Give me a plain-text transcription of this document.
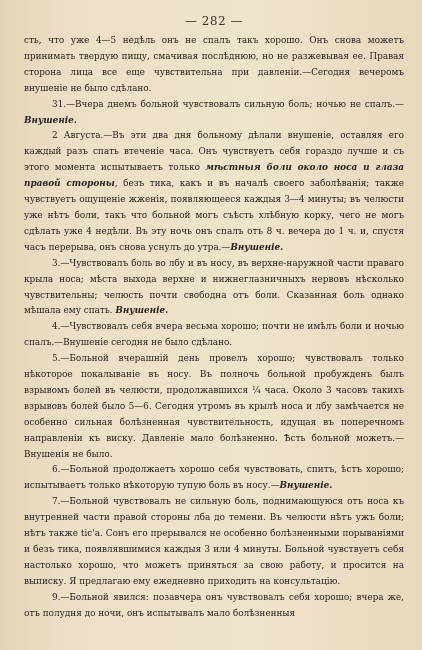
— 282 —

сть, что уже 4—5 недѣль онъ не спалъ такъ хорошо. Онъ снова можетъ принимать твердую пищу, смачивая послѣднюю, но не разжевывая ее. Правая сторона лица все еще чувствительна при давленіи.—Сегодня вечеромъ внушеніе не было сдѣлано.

31.—Вчера днемъ больной чувствовалъ сильную боль; ночью не спалъ.—Внушеніе.

2 Августа.—Въ эти два дня больному дѣлали внушеніе, оставляя его каждый разъ спать втеченіе часа. Онъ чувствуетъ себя гораздо лучше и съ этого момента испытываетъ только мѣстныя боли около носа и глаза правой стороны, безъ тика, какъ и въ началѣ своего заболѣванія; также чувствуетъ ощущеніе жженія, появляющееся каждыя 3—4 минуты; въ челюсти уже нѣтъ боли, такъ что больной могъ съѣсть хлѣбную корку, чего не могъ сдѣлать уже 4 недѣли. Въ эту ночь онъ спалъ отъ 8 ч. вечера до 1 ч. и, спустя часъ перерыва, онъ снова уснулъ до утра.—Внушеніе.

3.—Чувствовалъ боль во лбу и въ носу, въ верхне-наружной части праваго крыла носа; мѣста выхода верхне и нижнеглазничныхъ нервовъ нѣсколько чувствительны; челюсть почти свободна отъ боли. Сказанная боль однако мѣшала ему спать. Внушеніе.

4.—Чувствовалъ себя вчера весьма хорошо; почти не имѣлъ боли и ночью спалъ.—Внушеніе сегодня не было сдѣлано.

5.—Больной вчерашній день провелъ хорошо; чувствовалъ только нѣкоторое покалываніе въ носу. Въ полночь больной пробужденъ былъ взрывомъ болей въ челюсти, продолжавшихся ¼ часа. Около 3 часовъ такихъ взрывовъ болей было 5—6. Сегодня утромъ въ крылѣ носа и лбу замѣчается не особенно сильная болѣзненная чувствительность, идущая въ поперечномъ направленіи къ виску. Давленіе мало болѣзненно. Ѣсть больной можетъ.—Внушенія не было.

6.—Больной продолжаетъ хорошо себя чувствовать, спитъ, ѣстъ хорошо; испытываетъ только нѣкоторую тупую боль въ носу.—Внушеніе.

7.—Больной чувствовалъ не сильную боль, поднимающуюся отъ носа къ внутренней части правой стороны лба до темени. Въ челюсти нѣтъ ужъ боли; нѣтъ также tic'а. Сонъ его прерывался не особенно болѣзненными порываніями и безъ тика, появлявшимися каждыя 3 или 4 минуты. Больной чувствуетъ себя настолько хорошо, что можетъ приняться за свою работу, и просится на выписку. Я предлагаю ему ежедневно приходить на консультацію.

9.—Больной явился: позавчера онъ чувствовалъ себя хорошо; вчера же, отъ полудня до ночи, онъ испытывалъ мало болѣзненныя
